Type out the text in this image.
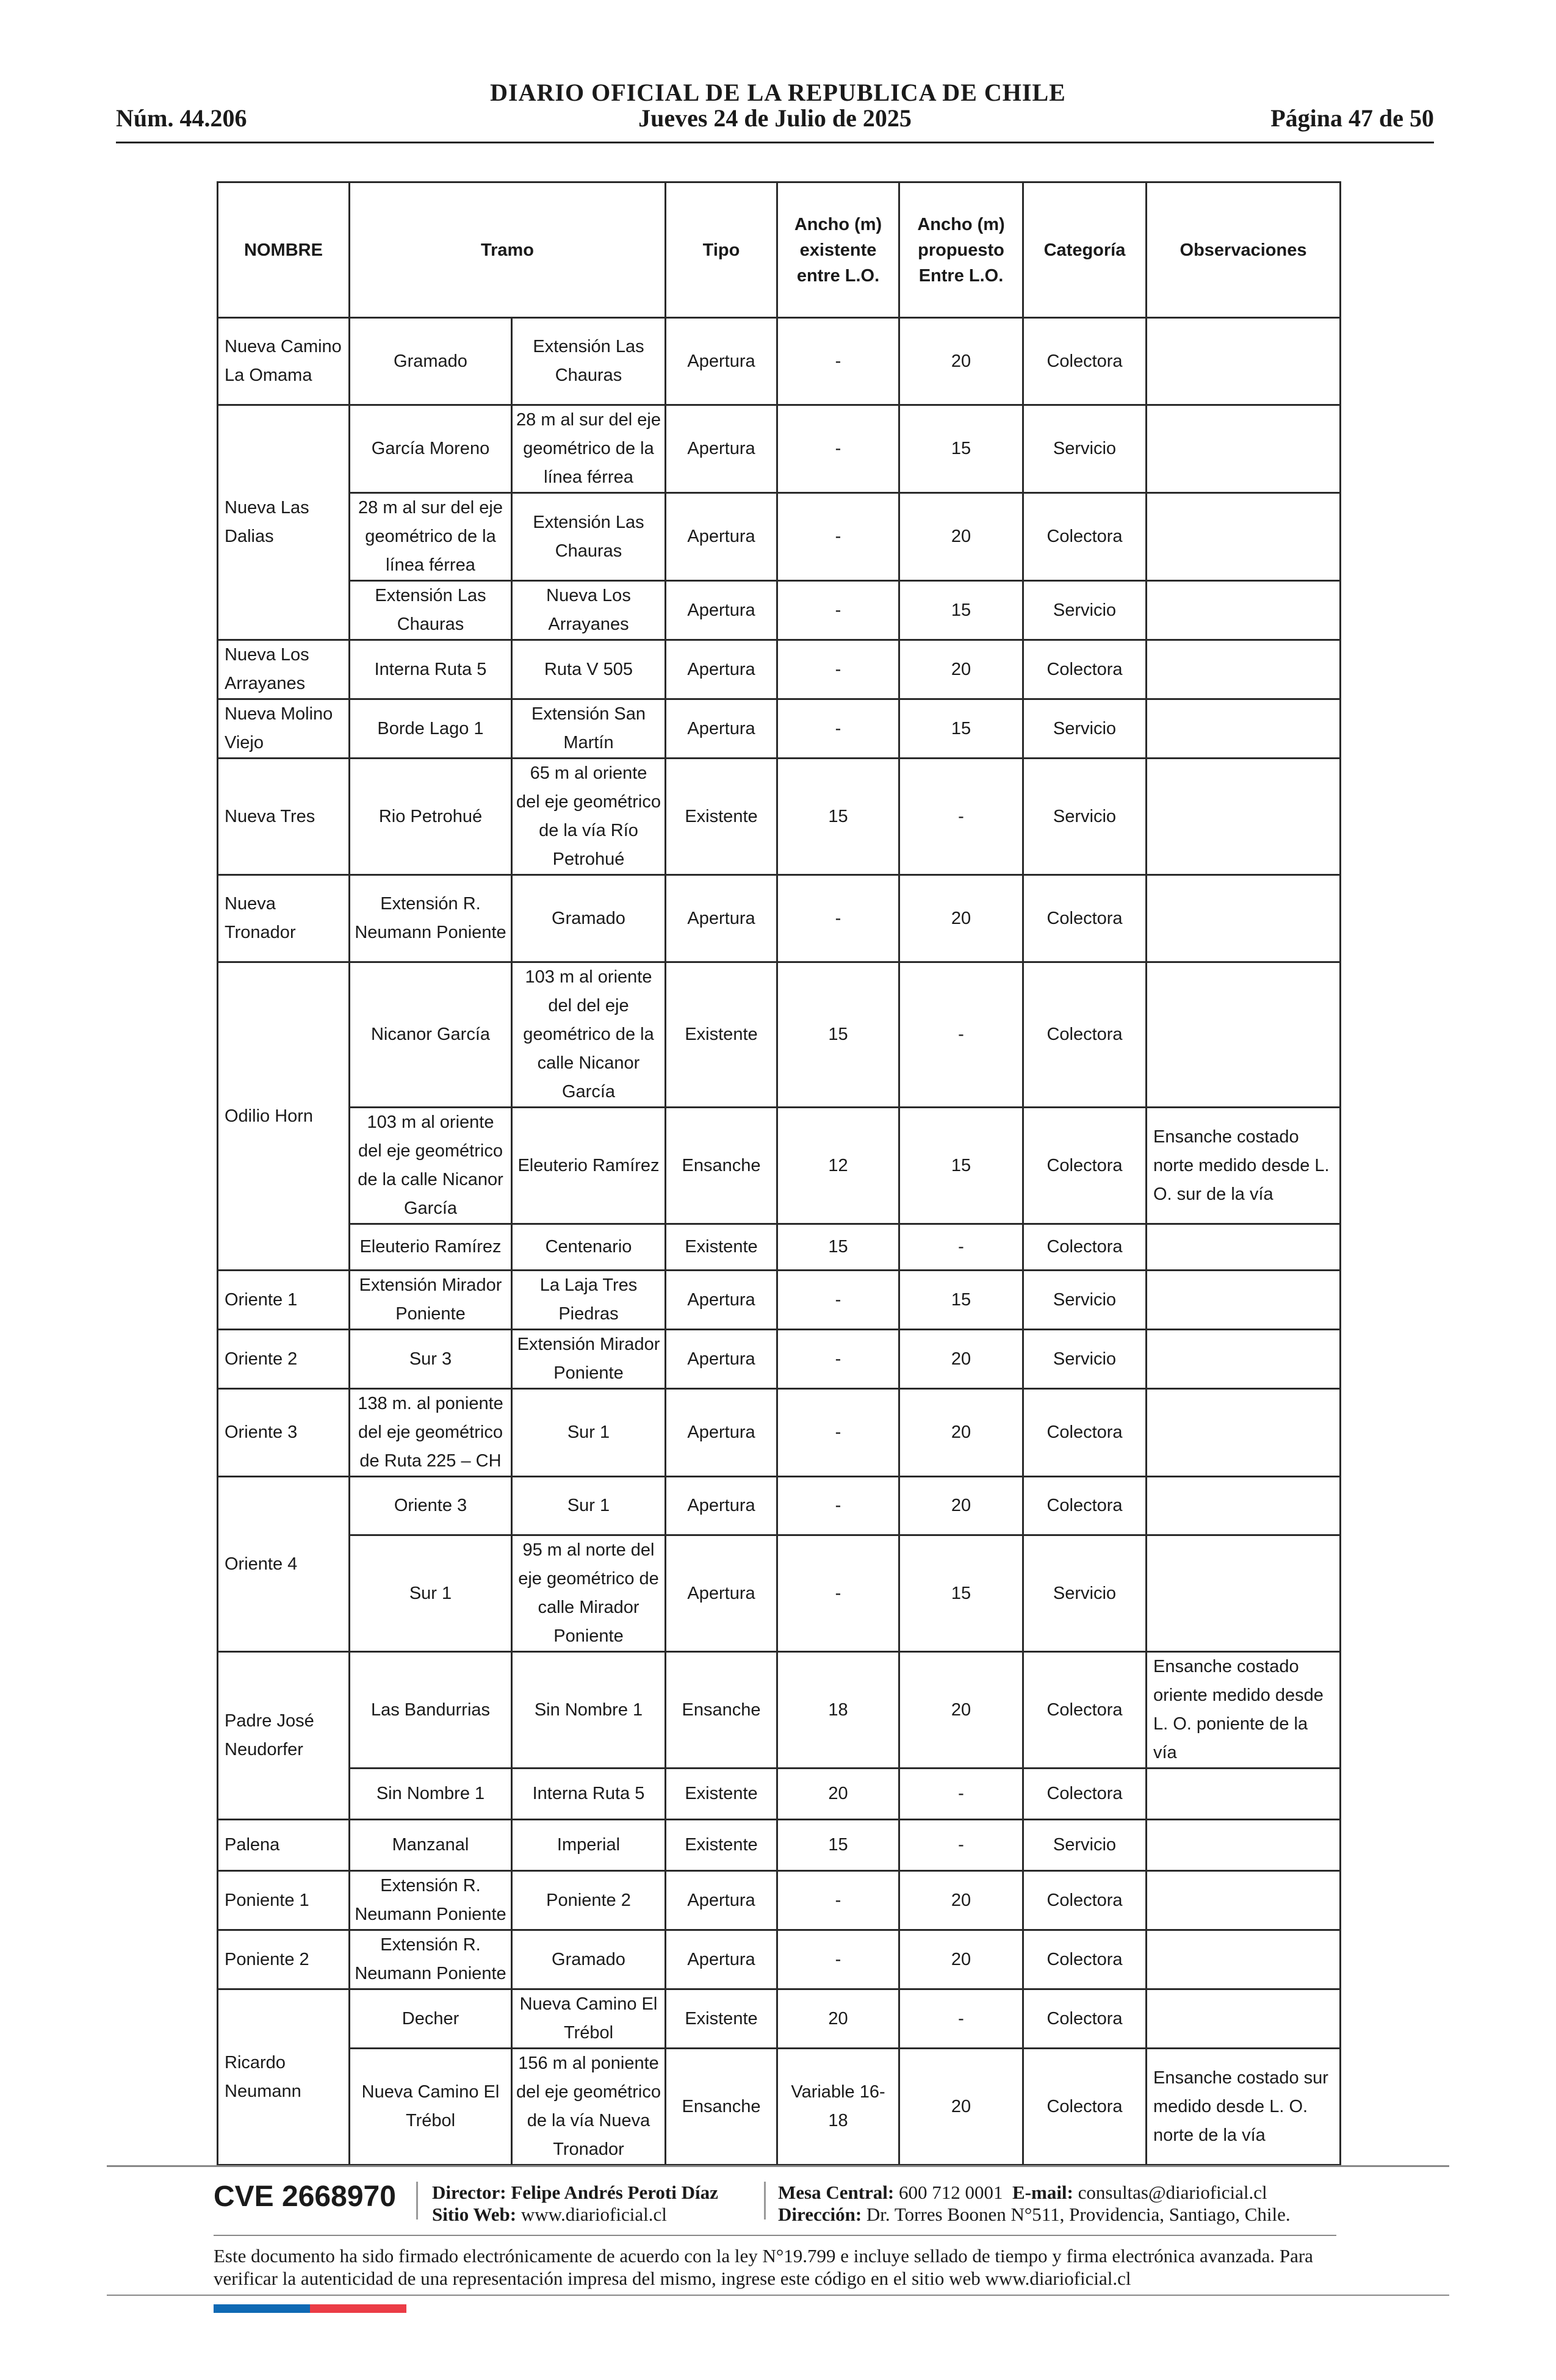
DIARIO OFICIAL DE LA REPUBLICA DE CHILE
Jueves 24 de Julio de 2025
Núm. 44.206	Página 47 de 50
NOMBRE	Tramo		Tipo	Ancho (m) existente entre L.O.	Ancho (m) propuesto Entre L.O.	Categoría	Observaciones
Nueva Camino La Omama	Gramado	Extensión Las Chauras	Apertura	-	20	Colectora	
Nueva Las Dalias	García Moreno	28 m al sur del eje geométrico de la línea férrea	Apertura	-	15	Servicio	
	28 m al sur del eje geométrico de la línea férrea	Extensión Las Chauras	Apertura	-	20	Colectora	
	Extensión Las Chauras	Nueva Los Arrayanes	Apertura	-	15	Servicio	
Nueva Los Arrayanes	Interna Ruta 5	Ruta V 505	Apertura	-	20	Colectora	
Nueva Molino Viejo	Borde Lago 1	Extensión San Martín	Apertura	-	15	Servicio	
Nueva Tres	Rio Petrohué	65 m al oriente del eje geométrico de la vía Río Petrohué	Existente	15	-	Servicio	
Nueva Tronador	Extensión R. Neumann Poniente	Gramado	Apertura	-	20	Colectora	
Odilio Horn	Nicanor García	103 m al oriente del del eje geométrico de la calle Nicanor García	Existente	15	-	Colectora	
	103 m al oriente del eje geométrico de la calle Nicanor García	Eleuterio Ramírez	Ensanche	12	15	Colectora	Ensanche costado norte medido desde L. O. sur de la vía
	Eleuterio Ramírez	Centenario	Existente	15	-	Colectora	
Oriente 1	Extensión Mirador Poniente	La Laja Tres Piedras	Apertura	-	15	Servicio	
Oriente 2	Sur 3	Extensión Mirador Poniente	Apertura	-	20	Servicio	
Oriente 3	138 m. al poniente del eje geométrico de Ruta 225 – CH	Sur 1	Apertura	-	20	Colectora	
Oriente 4	Oriente 3	Sur 1	Apertura	-	20	Colectora	
	Sur 1	95 m al norte del eje geométrico de calle Mirador Poniente	Apertura	-	15	Servicio	
Padre José Neudorfer	Las Bandurrias	Sin Nombre 1	Ensanche	18	20	Colectora	Ensanche costado oriente medido desde L. O. poniente de la vía
	Sin Nombre 1	Interna Ruta 5	Existente	20	-	Colectora	
Palena	Manzanal	Imperial	Existente	15	-	Servicio	
Poniente 1	Extensión R. Neumann Poniente	Poniente 2	Apertura	-	20	Colectora	
Poniente 2	Extensión R. Neumann Poniente	Gramado	Apertura	-	20	Colectora	
Ricardo Neumann	Decher	Nueva Camino El Trébol	Existente	20	-	Colectora	
	Nueva Camino El Trébol	156 m al poniente del eje geométrico de la vía Nueva Tronador	Ensanche	Variable 16-18	20	Colectora	Ensanche costado sur medido desde L. O. norte de la vía
CVE 2668970 Director: Felipe Andrés Peroti Díaz
Sitio Web: www.diarioficial.cl
Mesa Central: 600 712 0001 E-mail: consultas@diarioficial.cl
Dirección: Dr. Torres Boonen N°511, Providencia, Santiago, Chile.
Este documento ha sido firmado electrónicamente de acuerdo con la ley N°19.799 e incluye sellado de tiempo y firma electrónica avanzada. Para verificar la autenticidad de una representación impresa del mismo, ingrese este código en el sitio web www.diarioficial.cl
